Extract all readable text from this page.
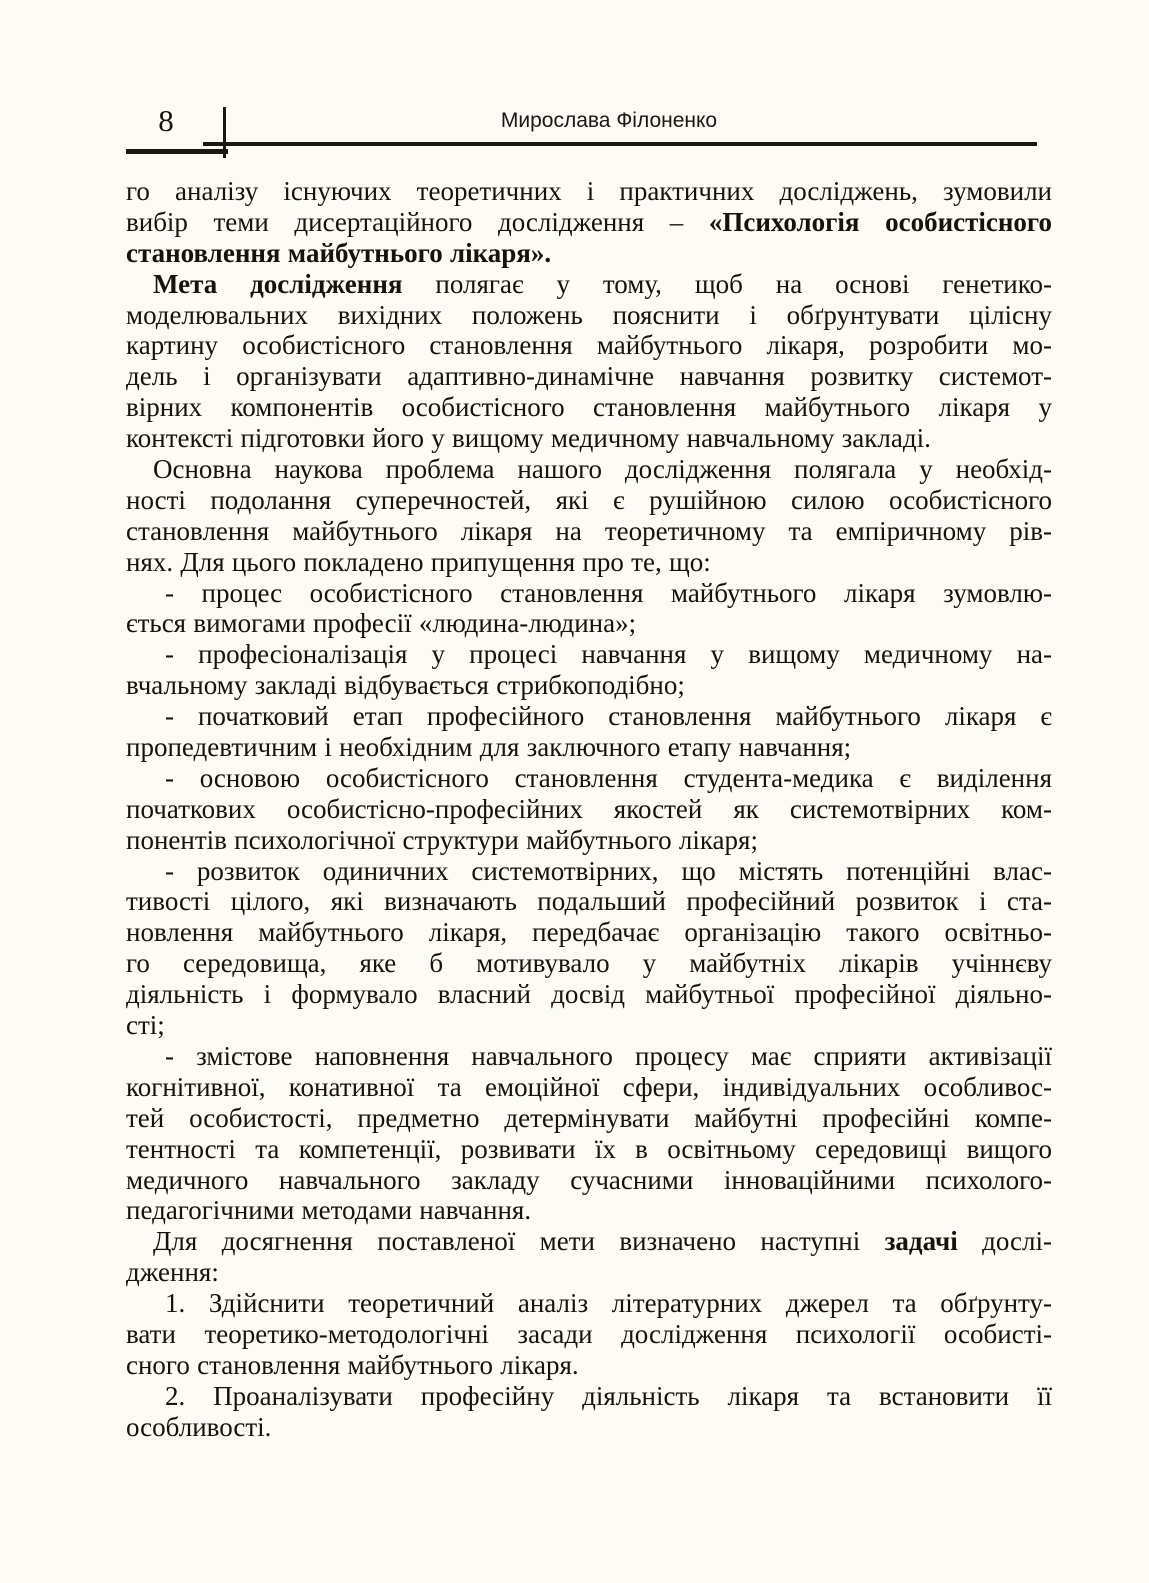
8	Мирослава Філоненко
го аналізу існуючих теоретичних і практичних досліджень, зумовили
вибір теми дисертаційного дослідження – «Психологія особистісного
становлення майбутнього лікаря».
Мета дослідження полягає у тому, щоб на основі генетико-
моделювальних вихідних положень пояснити і обґрунтувати цілісну
картину особистісного становлення майбутнього лікаря, розробити мо-
дель і організувати адаптивно-динамічне навчання розвитку системот-
вірних компонентів особистісного становлення майбутнього лікаря у
контексті підготовки його у вищому медичному навчальному закладі.
Основна наукова проблема нашого дослідження полягала у необхід-
ності подолання суперечностей, які є рушійною силою особистісного
становлення майбутнього лікаря на теоретичному та емпіричному рів-
нях. Для цього покладено припущення про те, що:
- процес особистісного становлення майбутнього лікаря зумовлю-
ється вимогами професії «людина-людина»;
- професіоналізація у процесі навчання у вищому медичному на-
вчальному закладі відбувається стрибкоподібно;
- початковий етап професійного становлення майбутнього лікаря є
пропедевтичним і необхідним для заключного етапу навчання;
- основою особистісного становлення студента-медика є виділення
початкових особистісно-професійних якостей як системотвірних ком-
понентів психологічної структури майбутнього лікаря;
- розвиток одиничних системотвірних, що містять потенційні влас-
тивості цілого, які визначають подальший професійний розвиток і ста-
новлення майбутнього лікаря, передбачає організацію такого освітньо-
го середовища, яке б мотивувало у майбутніх лікарів учіннєву
діяльність і формувало власний досвід майбутньої професійної діяльно-
сті;
- змістове наповнення навчального процесу має сприяти активізації
когнітивної, конативної та емоційної сфери, індивідуальних особливос-
тей особистості, предметно детермінувати майбутні професійні компе-
тентності та компетенції, розвивати їх в освітньому середовищі вищого
медичного навчального закладу сучасними інноваційними психолого-
педагогічними методами навчання.
Для досягнення поставленої мети визначено наступні задачі дослі-
дження:
1. Здійснити теоретичний аналіз літературних джерел та обґрунту-
вати теоретико-методологічні засади дослідження психології особисті-
сного становлення майбутнього лікаря.
2. Проаналізувати професійну діяльність лікаря та встановити її
особливості.
